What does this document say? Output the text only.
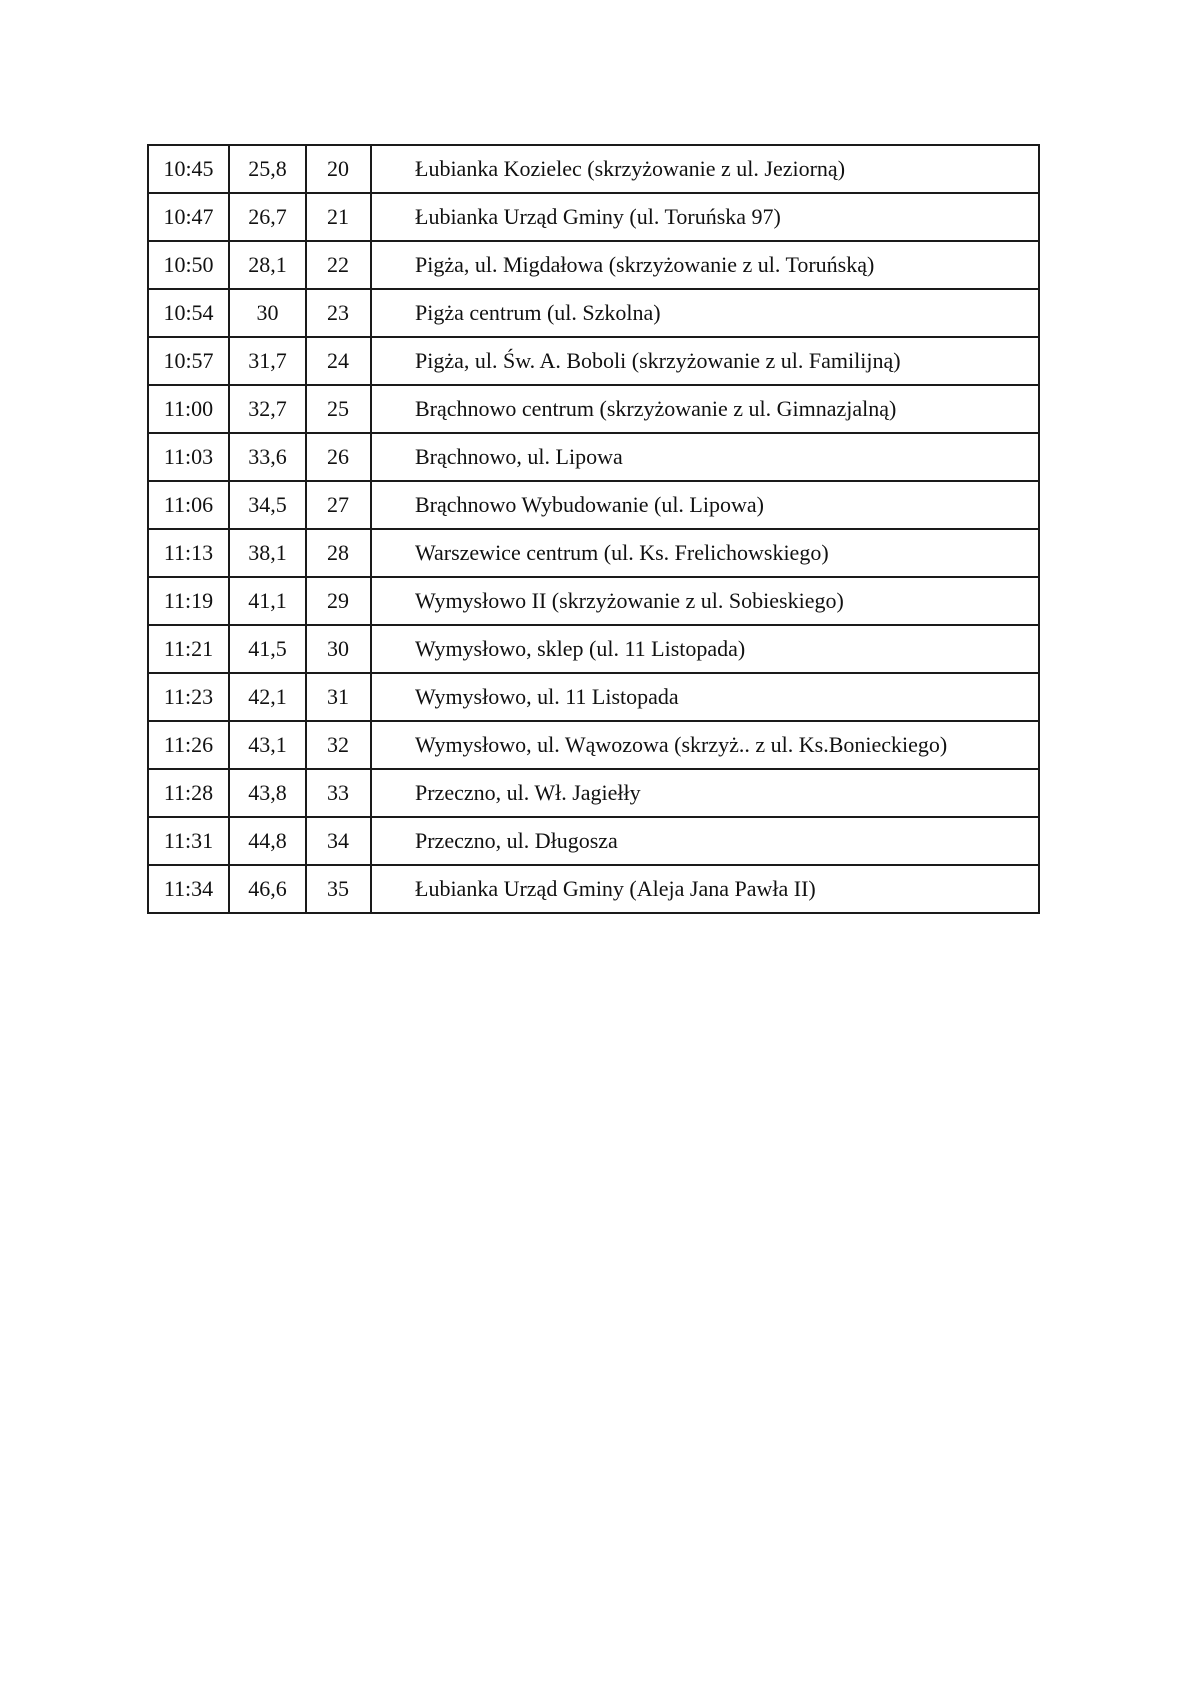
10:45	25,8	20	Łubianka Kozielec (skrzyżowanie z ul. Jeziorną)
10:47	26,7	21	Łubianka Urząd Gminy (ul. Toruńska 97)
10:50	28,1	22	Pigża, ul. Migdałowa (skrzyżowanie z ul. Toruńską)
10:54	30	23	Pigża centrum (ul. Szkolna)
10:57	31,7	24	Pigża, ul. Św. A. Boboli (skrzyżowanie z ul. Familijną)
11:00	32,7	25	Brąchnowo centrum (skrzyżowanie z ul. Gimnazjalną)
11:03	33,6	26	Brąchnowo, ul. Lipowa
11:06	34,5	27	Brąchnowo Wybudowanie (ul. Lipowa)
11:13	38,1	28	Warszewice centrum (ul. Ks. Frelichowskiego)
11:19	41,1	29	Wymysłowo II (skrzyżowanie z ul. Sobieskiego)
11:21	41,5	30	Wymysłowo, sklep (ul. 11 Listopada)
11:23	42,1	31	Wymysłowo, ul. 11 Listopada
11:26	43,1	32	Wymysłowo, ul. Wąwozowa (skrzyż.. z ul. Ks.Bonieckiego)
11:28	43,8	33	Przeczno, ul. Wł. Jagiełły
11:31	44,8	34	Przeczno, ul. Długosza
11:34	46,6	35	Łubianka Urząd Gminy (Aleja Jana Pawła II)
